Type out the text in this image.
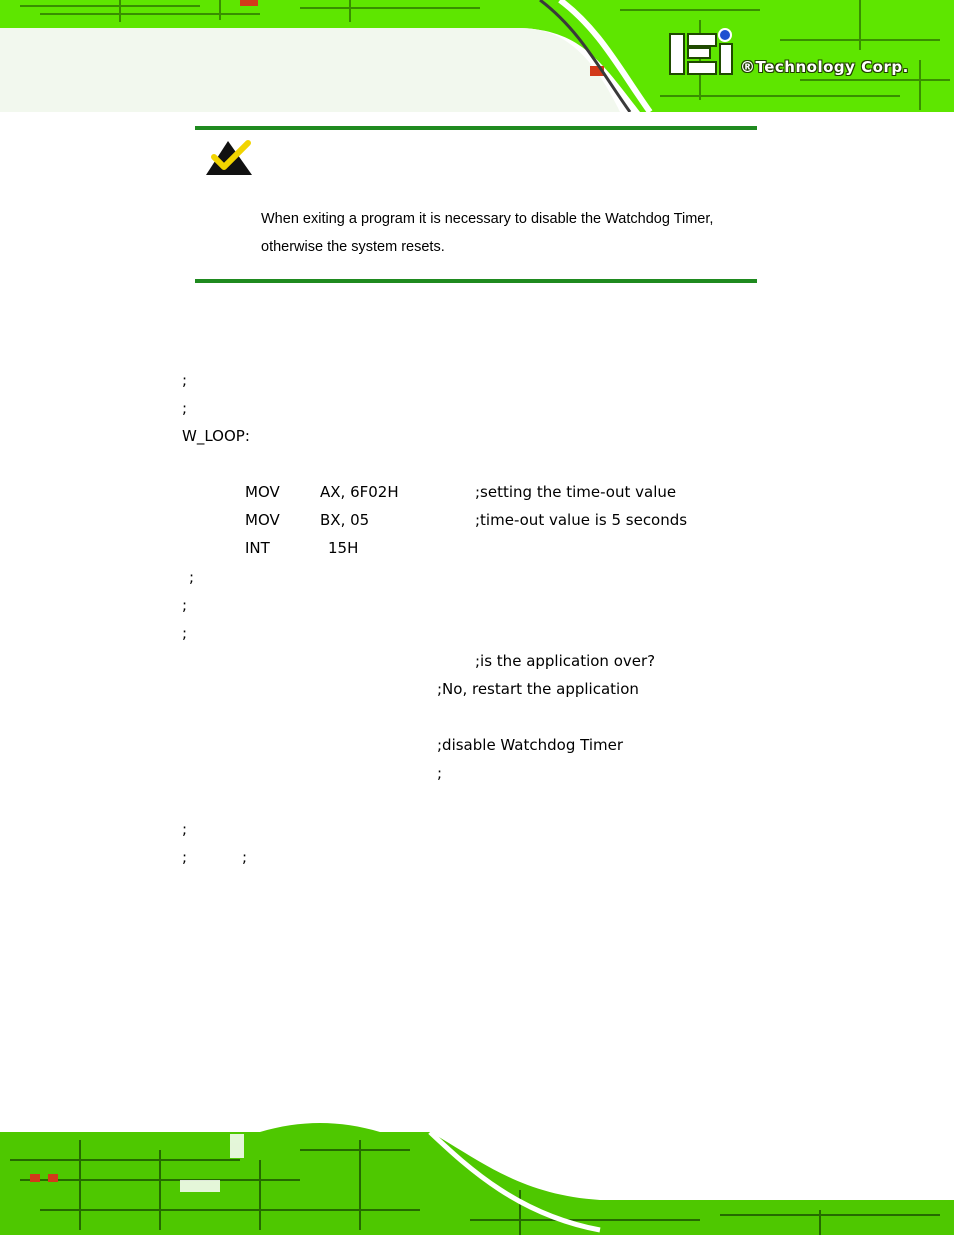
®Technology Corp.
When exiting a program it is necessary to disable the Watchdog Timer,
otherwise the system resets.
;
;
W_LOOP:
MOV	AX, 6F02H	;setting the time-out value
MOV	BX, 05	;time-out value is 5 seconds
INT	15H
;
;
;
;is the application over?
;No, restart the application
;disable Watchdog Timer
;
;
;	;
